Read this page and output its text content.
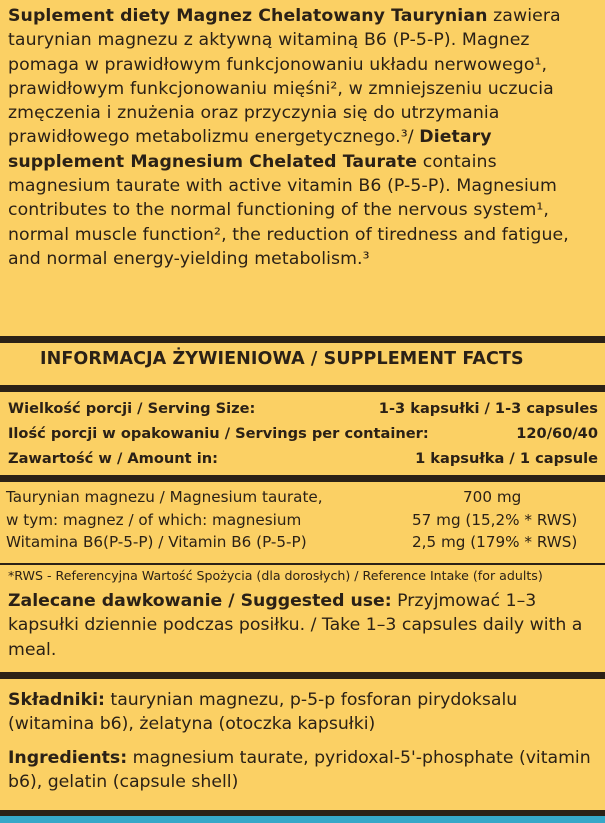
Suplement diety Magnez Chelatowany Taurynian zawiera taurynian magnezu z aktywną witaminą B6 (P-5-P). Magnez pomaga w prawidłowym funkcjonowaniu układu nerwowego¹, prawidłowym funkcjonowaniu mięśni², w zmniejszeniu uczucia zmęczenia i znużenia oraz przyczynia się do utrzymania prawidłowego metabolizmu energetycznego.³/ Dietary supplement Magnesium Chelated Taurate contains magnesium taurate with active vitamin B6 (P-5-P). Magnesium contributes to the normal functioning of the nervous system¹, normal muscle function², the reduction of tiredness and fatigue, and normal energy-yielding metabolism.³
INFORMACJA ŻYWIENIOWA / SUPPLEMENT FACTS
Wielkość porcji / Serving Size:	1-3 kapsułki / 1-3 capsules
Ilość porcji w opakowaniu / Servings per container:	120/60/40
Zawartość w / Amount in:	1 kapsułka / 1 capsule
Taurynian magnezu / Magnesium taurate,	700 mg
w tym: magnez / of which: magnesium	57 mg (15,2% * RWS)
Witamina B6(P-5-P) / Vitamin B6 (P-5-P)	2,5 mg (179% * RWS)
*RWS - Referencyjna Wartość Spożycia (dla dorosłych) / Reference Intake (for adults)
Zalecane dawkowanie / Suggested use: Przyjmować 1–3 kapsułki dziennie podczas posiłku. / Take 1–3 capsules daily with a meal.
Składniki: taurynian magnezu, p-5-p fosforan pirydoksalu (witamina b6), żelatyna (otoczka kapsułki)
Ingredients: magnesium taurate, pyridoxal-5'-phosphate (vitamin b6), gelatin (capsule shell)
